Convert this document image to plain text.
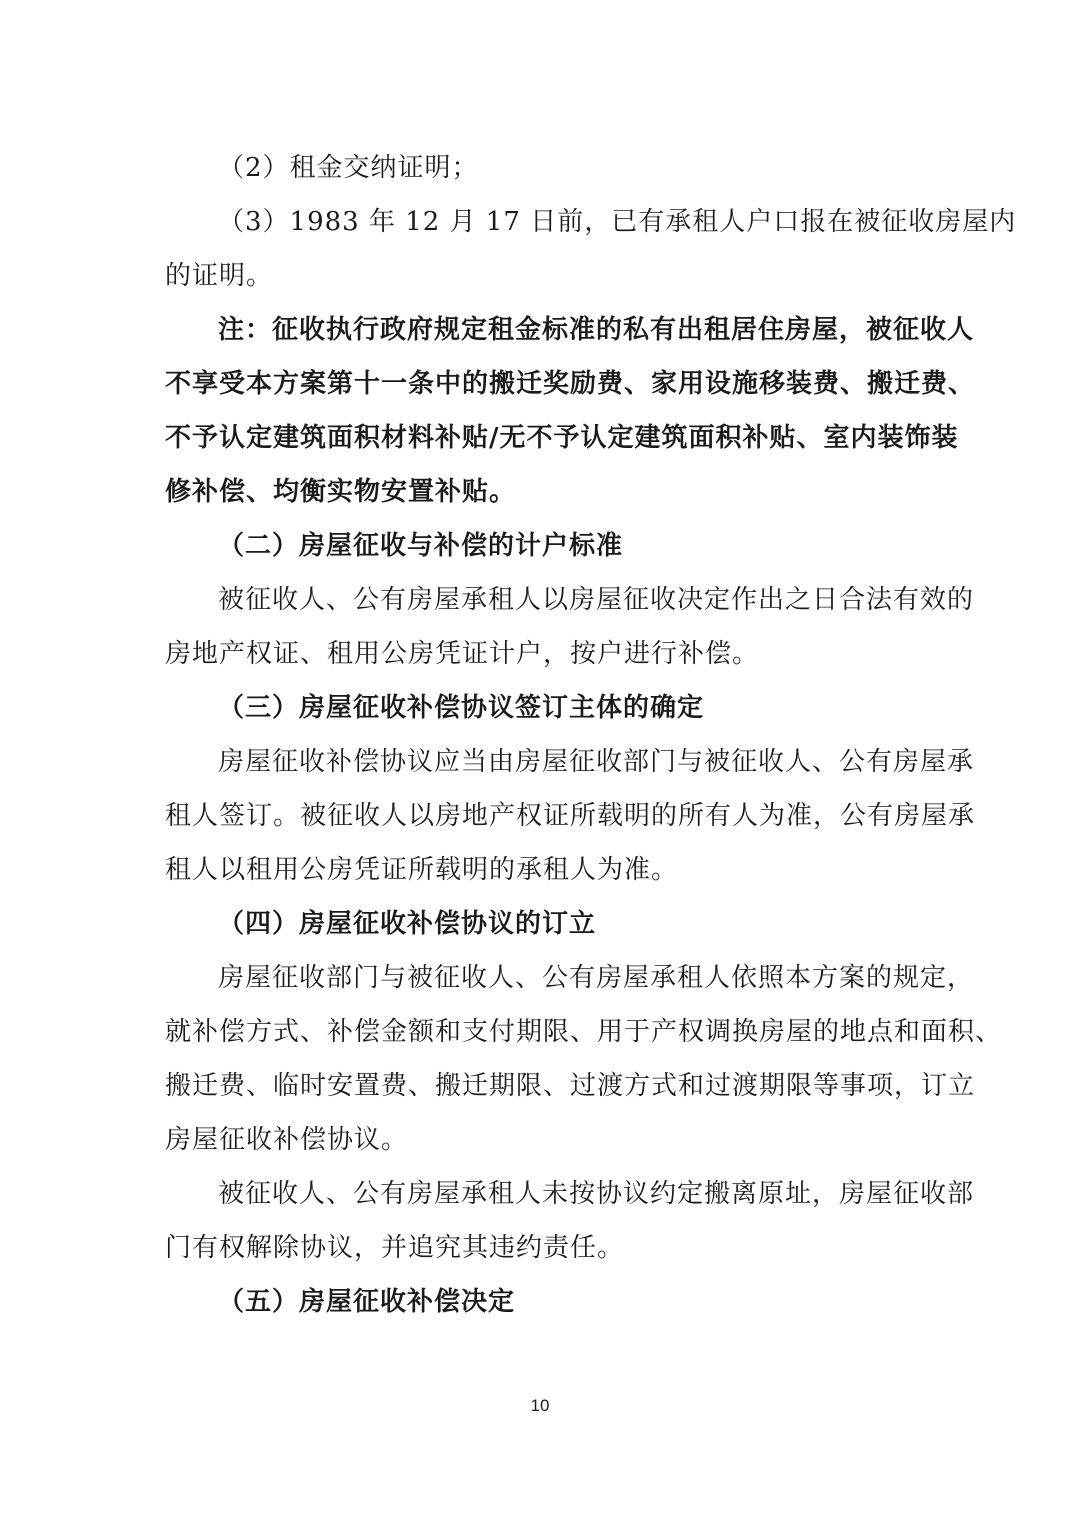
（2）租金交纳证明；
（3）1983 年 12 月 17 日前，已有承租人户口报在被征收房屋内
的证明。
注：征收执行政府规定租金标准的私有出租居住房屋，被征收人
不享受本方案第十一条中的搬迁奖励费、家用设施移装费、搬迁费、
不予认定建筑面积材料补贴/无不予认定建筑面积补贴、室内装饰装
修补偿、均衡实物安置补贴。
（二）房屋征收与补偿的计户标准
被征收人、公有房屋承租人以房屋征收决定作出之日合法有效的
房地产权证、租用公房凭证计户，按户进行补偿。
（三）房屋征收补偿协议签订主体的确定
房屋征收补偿协议应当由房屋征收部门与被征收人、公有房屋承
租人签订。被征收人以房地产权证所载明的所有人为准，公有房屋承
租人以租用公房凭证所载明的承租人为准。
（四）房屋征收补偿协议的订立
房屋征收部门与被征收人、公有房屋承租人依照本方案的规定，
就补偿方式、补偿金额和支付期限、用于产权调换房屋的地点和面积、
搬迁费、临时安置费、搬迁期限、过渡方式和过渡期限等事项，订立
房屋征收补偿协议。
被征收人、公有房屋承租人未按协议约定搬离原址，房屋征收部
门有权解除协议，并追究其违约责任。
（五）房屋征收补偿决定
10
